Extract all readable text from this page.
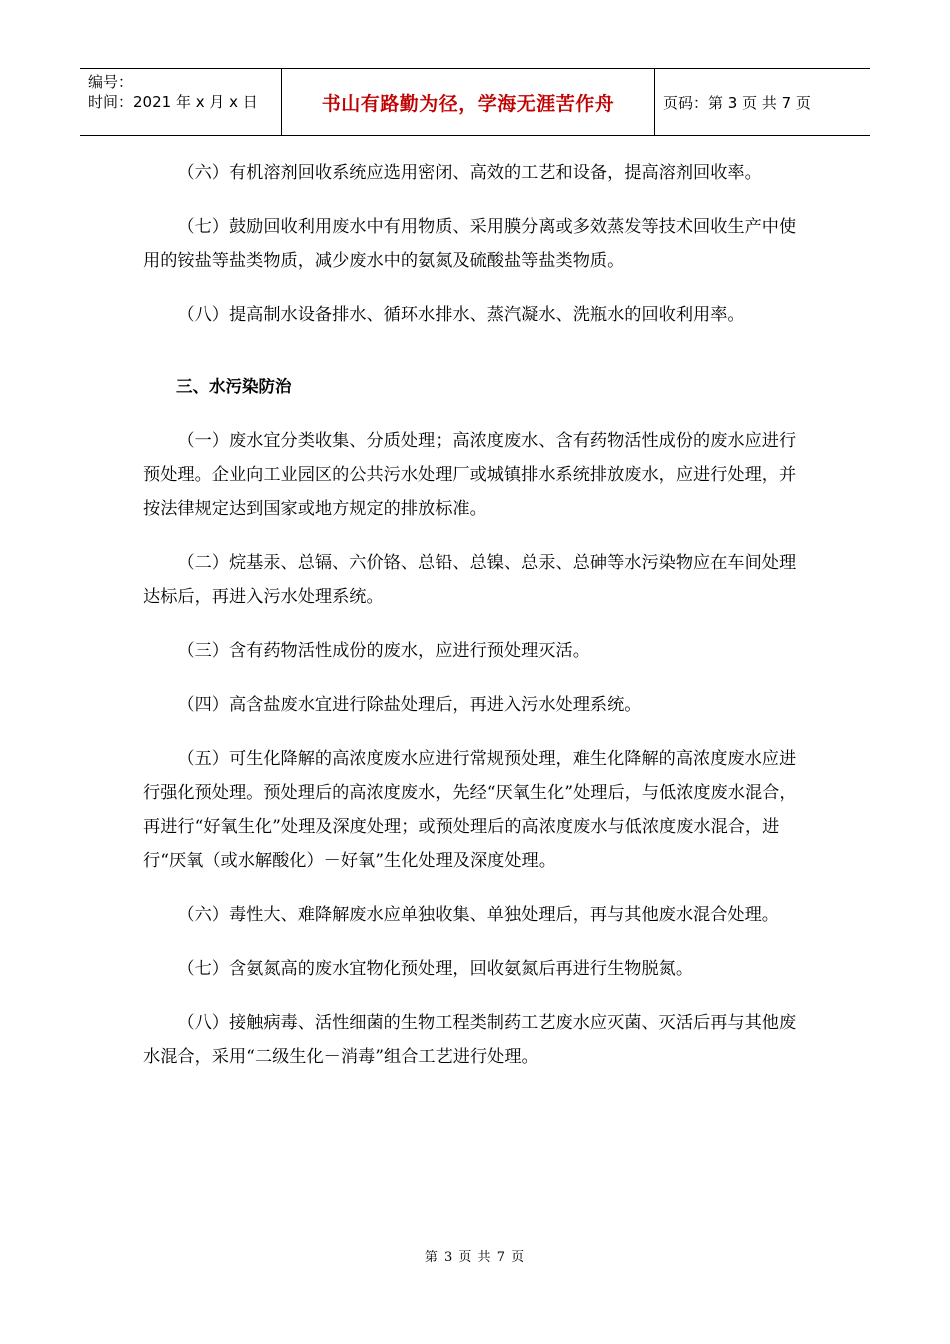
编号：
时间：2021 年 x 月 x 日	书山有路勤为径，学海无涯苦作舟	页码：第 3 页 共 7 页

（六）有机溶剂回收系统应选用密闭、高效的工艺和设备，提高溶剂回收率。

（七）鼓励回收利用废水中有用物质、采用膜分离或多效蒸发等技术回收生产中使用的铵盐等盐类物质，减少废水中的氨氮及硫酸盐等盐类物质。

（八）提高制水设备排水、循环水排水、蒸汽凝水、洗瓶水的回收利用率。

三、水污染防治

（一）废水宜分类收集、分质处理；高浓度废水、含有药物活性成份的废水应进行预处理。企业向工业园区的公共污水处理厂或城镇排水系统排放废水，应进行处理，并按法律规定达到国家或地方规定的排放标准。

（二）烷基汞、总镉、六价铬、总铅、总镍、总汞、总砷等水污染物应在车间处理达标后，再进入污水处理系统。

（三）含有药物活性成份的废水，应进行预处理灭活。

（四）高含盐废水宜进行除盐处理后，再进入污水处理系统。

（五）可生化降解的高浓度废水应进行常规预处理，难生化降解的高浓度废水应进行强化预处理。预处理后的高浓度废水，先经“厌氧生化”处理后，与低浓度废水混合，再进行“好氧生化”处理及深度处理；或预处理后的高浓度废水与低浓度废水混合，进行“厌氧（或水解酸化）－好氧”生化处理及深度处理。

（六）毒性大、难降解废水应单独收集、单独处理后，再与其他废水混合处理。

（七）含氨氮高的废水宜物化预处理，回收氨氮后再进行生物脱氮。

（八）接触病毒、活性细菌的生物工程类制药工艺废水应灭菌、灭活后再与其他废水混合，采用“二级生化－消毒”组合工艺进行处理。

第 3 页 共 7 页
